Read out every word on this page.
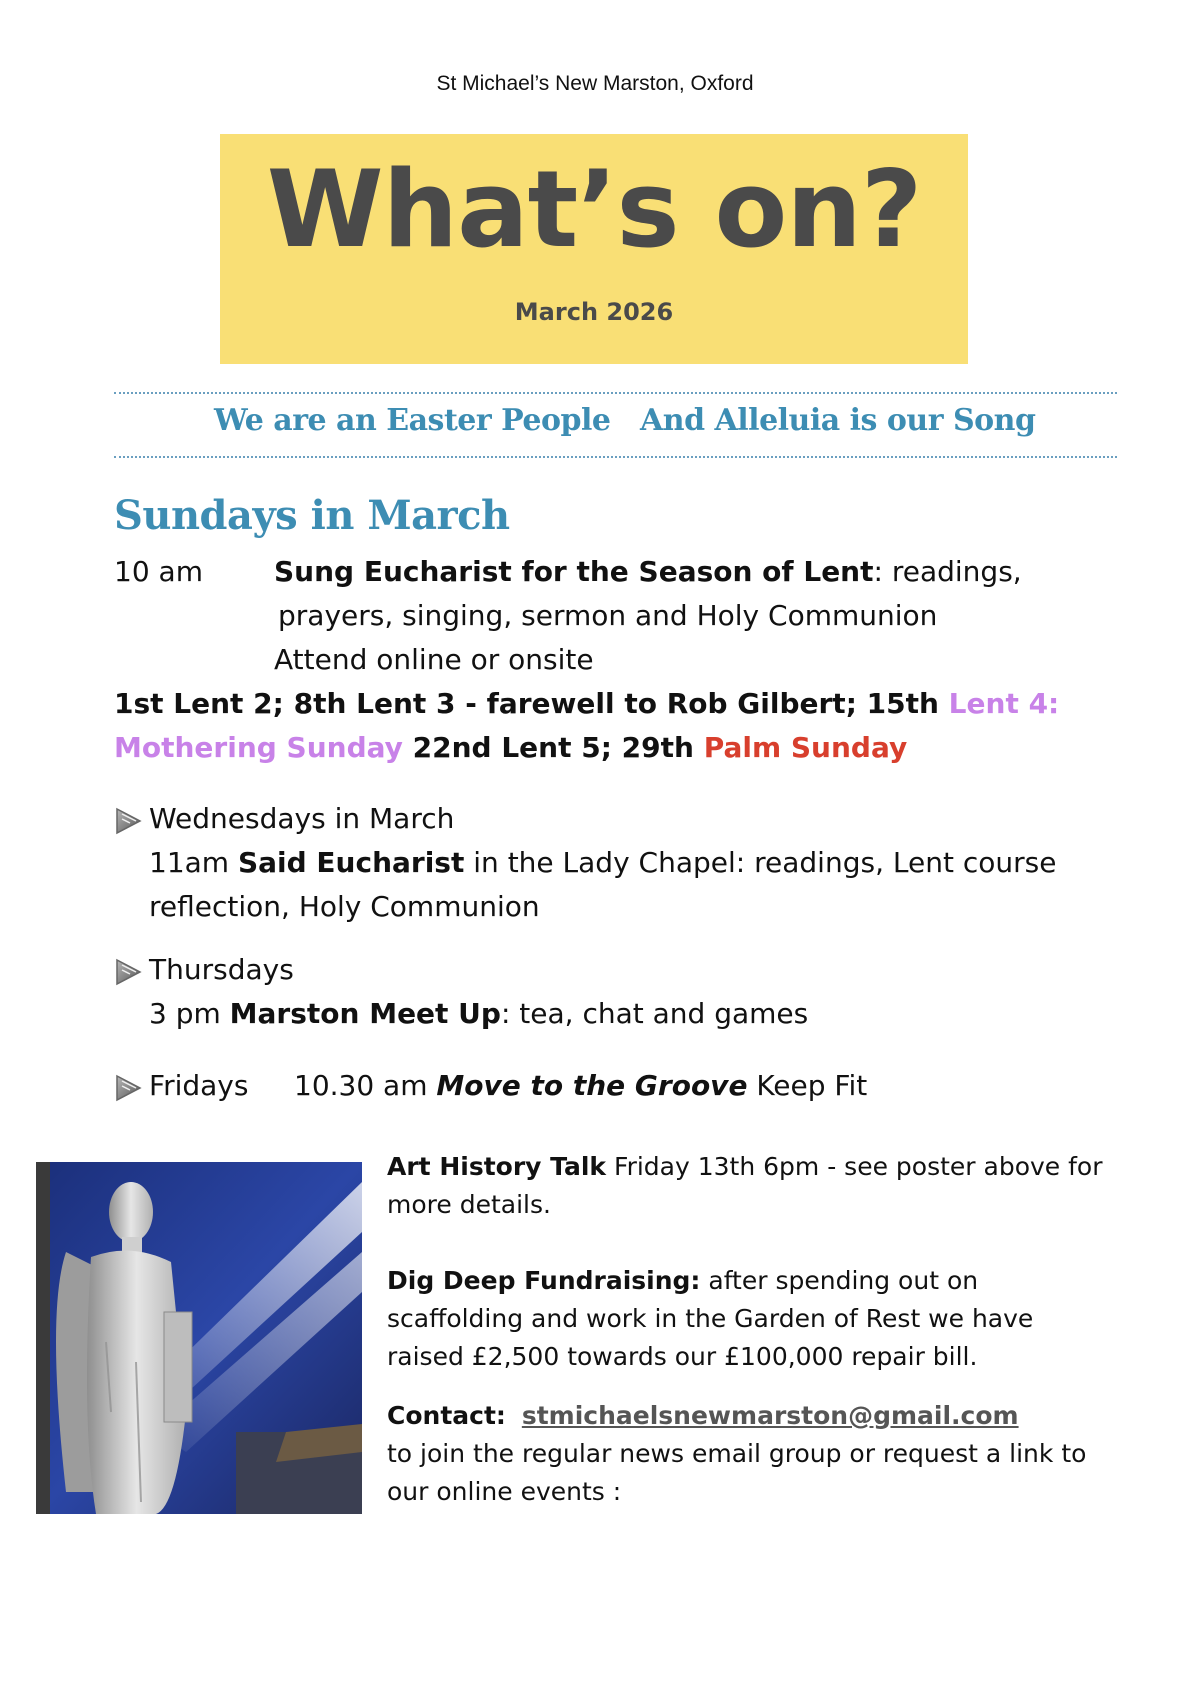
St Michael’s New Marston, Oxford
What’s on?
March 2026
We are an Easter People And Alleluia is our Song
Sundays in March
10 am	Sung Eucharist for the Season of Lent: readings,
prayers, singing, sermon and Holy Communion
Attend online or onsite
1st Lent 2; 8th Lent 3 - farewell to Rob Gilbert; 15th Lent 4:
Mothering Sunday 22nd Lent 5; 29th Palm Sunday
Wednesdays in March
11am Said Eucharist in the Lady Chapel: readings, Lent course
reflection, Holy Communion
Thursdays
3 pm Marston Meet Up: tea, chat and games
Fridays 10.30 am Move to the Groove Keep Fit
Art History Talk Friday 13th 6pm - see poster above for
more details.
Dig Deep Fundraising: after spending out on
scaffolding and work in the Garden of Rest we have
raised £2,500 towards our £100,000 repair bill.
Contact: stmichaelsnewmarston@gmail.com
to join the regular news email group or request a link to
our online events :
